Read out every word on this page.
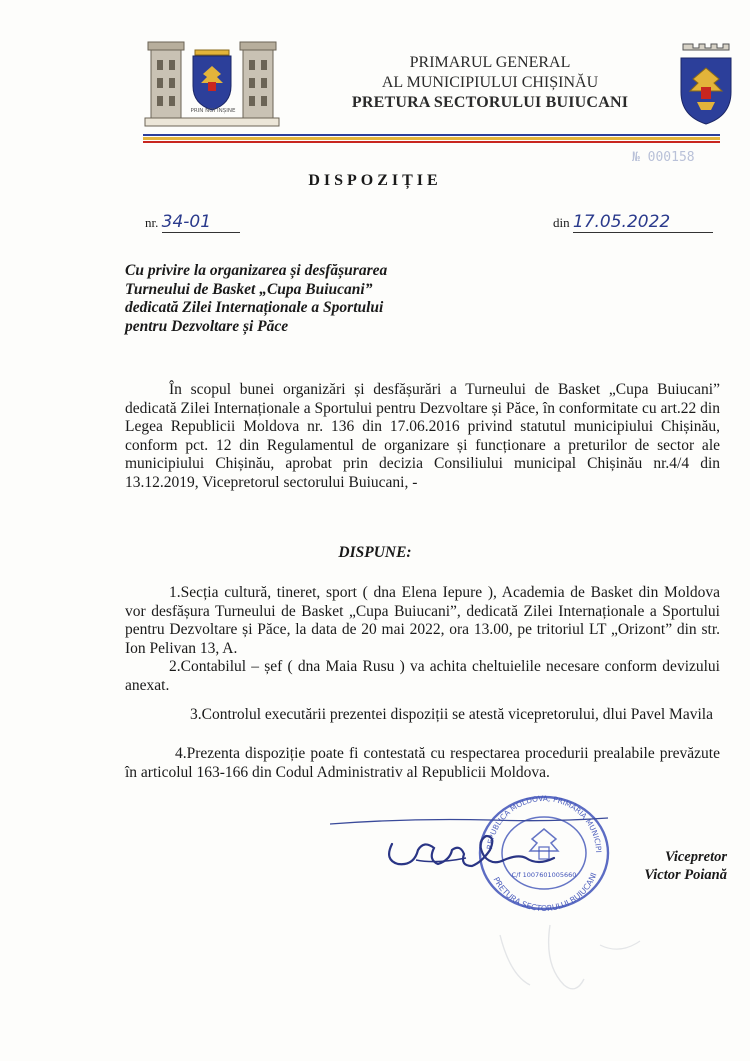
PRIN NOI ÎNȘINE
PRIMARUL GENERAL
AL MUNICIPIULUI CHIȘINĂU
PRETURA SECTORULUI BUIUCANI
№ 000158
DISPOZIȚIE
nr. 34-01	din 17.05.2022
Cu privire la organizarea și desfășurarea
Turneului de Basket „Cupa Buiucani”
dedicată Zilei Internaționale a Sportului
pentru Dezvoltare și Păce
În scopul bunei organizări și desfășurări a Turneului de Basket „Cupa Buiucani” dedicată Zilei Internaționale a Sportului pentru Dezvoltare și Păce, în conformitate cu art.22 din Legea Republicii Moldova nr. 136 din 17.06.2016 privind statutul municipiului Chișinău, conform pct. 12 din Regulamentul de organizare și funcționare a preturilor de sector ale municipiului Chișinău, aprobat prin decizia Consiliului municipal Chișinău nr.4/4 din 13.12.2019, Vicepretorul sectorului Buiucani, -
DISPUNE:
1.Secția cultură, tineret, sport ( dna Elena Iepure ), Academia de Basket din Moldova vor desfășura Turneului de Basket „Cupa Buiucani”, dedicată Zilei Internaționale a Sportului pentru Dezvoltare și Păce, la data de 20 mai 2022, ora 13.00, pe tritoriul LT „Orizont” din str. Ion Pelivan 13, A.
2.Contabilul – șef ( dna Maia Rusu ) va achita cheltuielile necesare conform devizului anexat.
3.Controlul executării prezentei dispoziții se atestă vicepretorului, dlui Pavel Mavila
4.Prezenta dispoziție poate fi contestată cu respectarea procedurii prealabile prevăzute în articolul 163-166 din Codul Administrativ al Republicii Moldova.
REPUBLICA MOLDOVA, PRIMĂRIA MUNICIPI
PRETURA SECTORULUI BUIUCANI
C/f 1007601005660
Vicepretor
Victor Poiană
